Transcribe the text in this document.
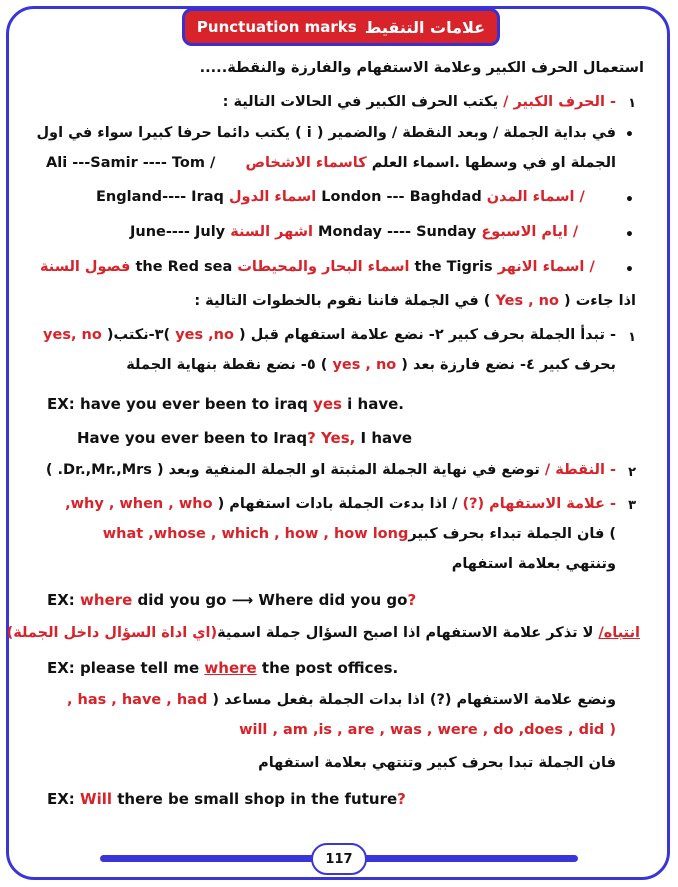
Punctuation marks علامات التنقيط
استعمال الحرف الكبير وعلامة الاستفهام والفارزة والنقطة.....
١
- الحرف الكبير / يكتب الحرف الكبير في الحالات التالية :
•
في بداية الجملة / وبعد النقطة / والضمير ( i ) يكتب دائما حرفا كبيرا سواء في اول
الجملة او في وسطها .اسماء العلم كاسماء الاشخاص
Ali ---Samir ---- Tom /
•
England---- Iraq اسماء الدول London --- Baghdad اسماء المدن /
•
June---- July اشهر السنة Monday ---- Sunday ايام الاسبوع /
•
فصول السنة the Red sea اسماء البحار والمحيطات the Tigris اسماء الانهر /
اذا جاءت ( Yes , no ) في الجملة فاننا نقوم بالخطوات التالية :
١
- تبدأ الجملة بحرف كبير ٢- نضع علامة استفهام قبل ( yes ,no )٣-نكتب( yes, no
بحرف كبير ٤- نضع فارزة بعد ( yes , no ) ٥- نضع نقطة بنهاية الجملة
EX: have you ever been to iraq yes i have.
Have you ever been to Iraq? Yes, I have
٢
- النقطة / توضع في نهاية الجملة المثبتة او الجملة المنفية وبعد ( Dr.,Mr.,Mrs. )
٣
- علامة الاستفهام (?) / اذا بدءت الجملة بادات استفهام ( why , when , who,
) فان الجملة تبداء بحرف كبيرwhat ,whose , which , how , how long
وتنتهي بعلامة استفهام
EX: where did you go ⟶ Where did you go?
انتباه/ لا تذكر علامة الاستفهام اذا اصبح السؤال جملة اسمية(اي اداة السؤال داخل الجملة)
EX: please tell me where the post offices.
ونضع علامة الاستفهام (?) اذا بدات الجملة بفعل مساعد ( has , have , had ,
( will , am ,is , are , was , were , do ,does , did
فان الجملة تبدا بحرف كبير وتنتهي بعلامة استفهام
EX: Will there be small shop in the future?
117
